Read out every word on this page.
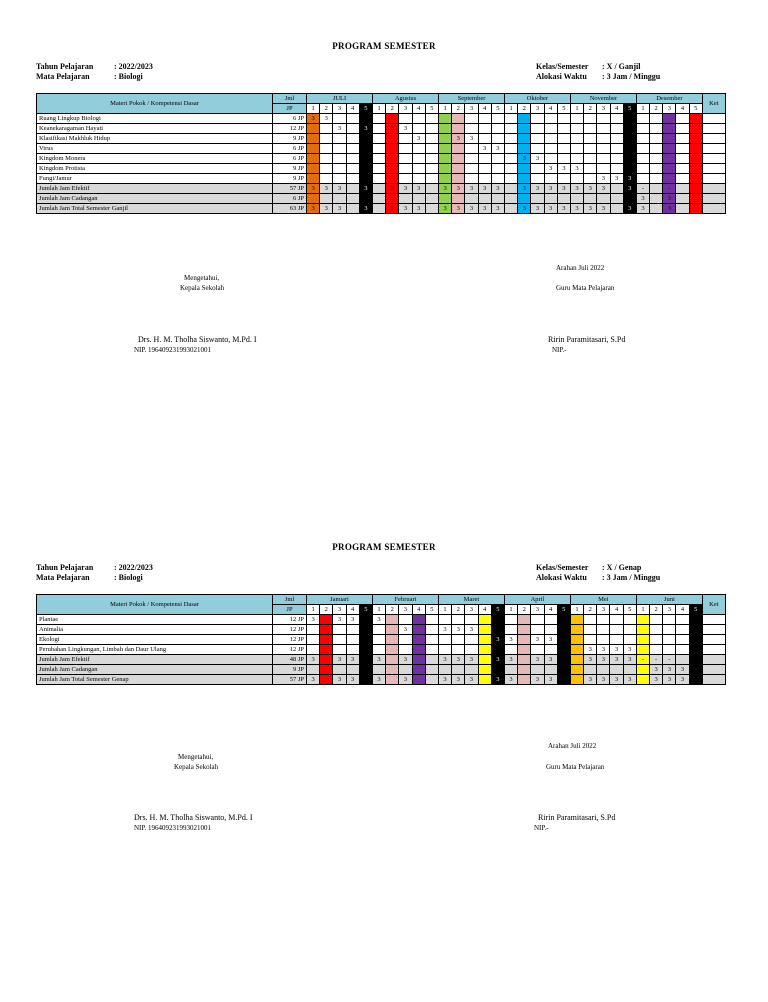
PROGRAM SEMESTER
Tahun Pelajaran	: 2022/2023
Mata Pelajaran	: Biologi
Kelas/Semester : X / Ganjil
Alokasi Waktu : 3 Jam / Minggu
Materi Pokok / Kompetensi Dasar	Jml	JULI					Agustus					September					Oktober					November					Desember					Ket
	JP	1	2	3	4	5	1	2	3	4	5	1	2	3	4	5	1	2	3	4	5	1	2	3	4	5	1	2	3	4	5	
Ruang Lingkup Biologi	6 JP	3	3																													
Keanekaragaman Hayati	12 JP			3		3		3	3																							
Klasifikasi Makhluk Hidup	9 JP									3			3	3																		
Virus	6 JP														3	3																
Kingdom Monera	6 JP																	3	3													
Kingdom Protista	9 JP																			3	3	3										
Fungi/Jamur	9 JP																							3	3	3						
Jumlah Jam Efektif	57 JP	3	3	3		3		3	3	3		3	3	3	3	3		3	3	3	3	3	3	3		3	-		-			
Jumlah Jam Cadangan	6 JP																										3		3			
Jumlah Jam Total Semester Ganjil	63 JP	3	3	3		3		3	3	3		3	3	3	3	3		3	3	3	3	3	3	3		3	3		3			
Arahan Juli 2022
Mengetahui,
Kepala Sekolah	Guru Mata Pelajaran
Drs. H. M. Tholha Siswanto, M.Pd. I
NIP. 196409231993021001
Ririn Paramitasari, S.Pd
NIP.-
PROGRAM SEMESTER
Tahun Pelajaran	: 2022/2023
Mata Pelajaran	: Biologi
Kelas/Semester : X / Genap
Alokasi Waktu : 3 Jam / Minggu
Materi Pokok / Kompetensi Dasar	Jml	Januari					Februari					Maret					April					Mei					Juni					Ket
	JP	1	2	3	4	5	1	2	3	4	5	1	2	3	4	5	1	2	3	4	5	1	2	3	4	5	1	2	3	4	5	
Plantae	12 JP	3		3	3		3																									
Animalia	12 JP								3			3	3	3																		
Ekologi	12 JP															3	3		3	3												
Perubahan Lingkungan, Limbah dan Daur Ulang	12 JP																						3	3	3	3						
Jumlah Jam Efektif	48 JP	3		3	3		3		3			3	3	3		3	3		3	3			3	3	3	3	-	-	-			
Jumlah Jam Cadangan	9 JP																											3	3	3		
Jumlah Jam Total Semester Genap	57 JP	3		3	3		3		3			3	3	3		3	3		3	3			3	3	3	3		3	3	3		
Arahan Juli 2022
Mengetahui,
Kepala Sekolah	Guru Mata Pelajaran
Drs. H. M. Tholha Siswanto, M.Pd. I
NIP. 196409231993021001
Ririn Paramitasari, S.Pd
NIP.-
